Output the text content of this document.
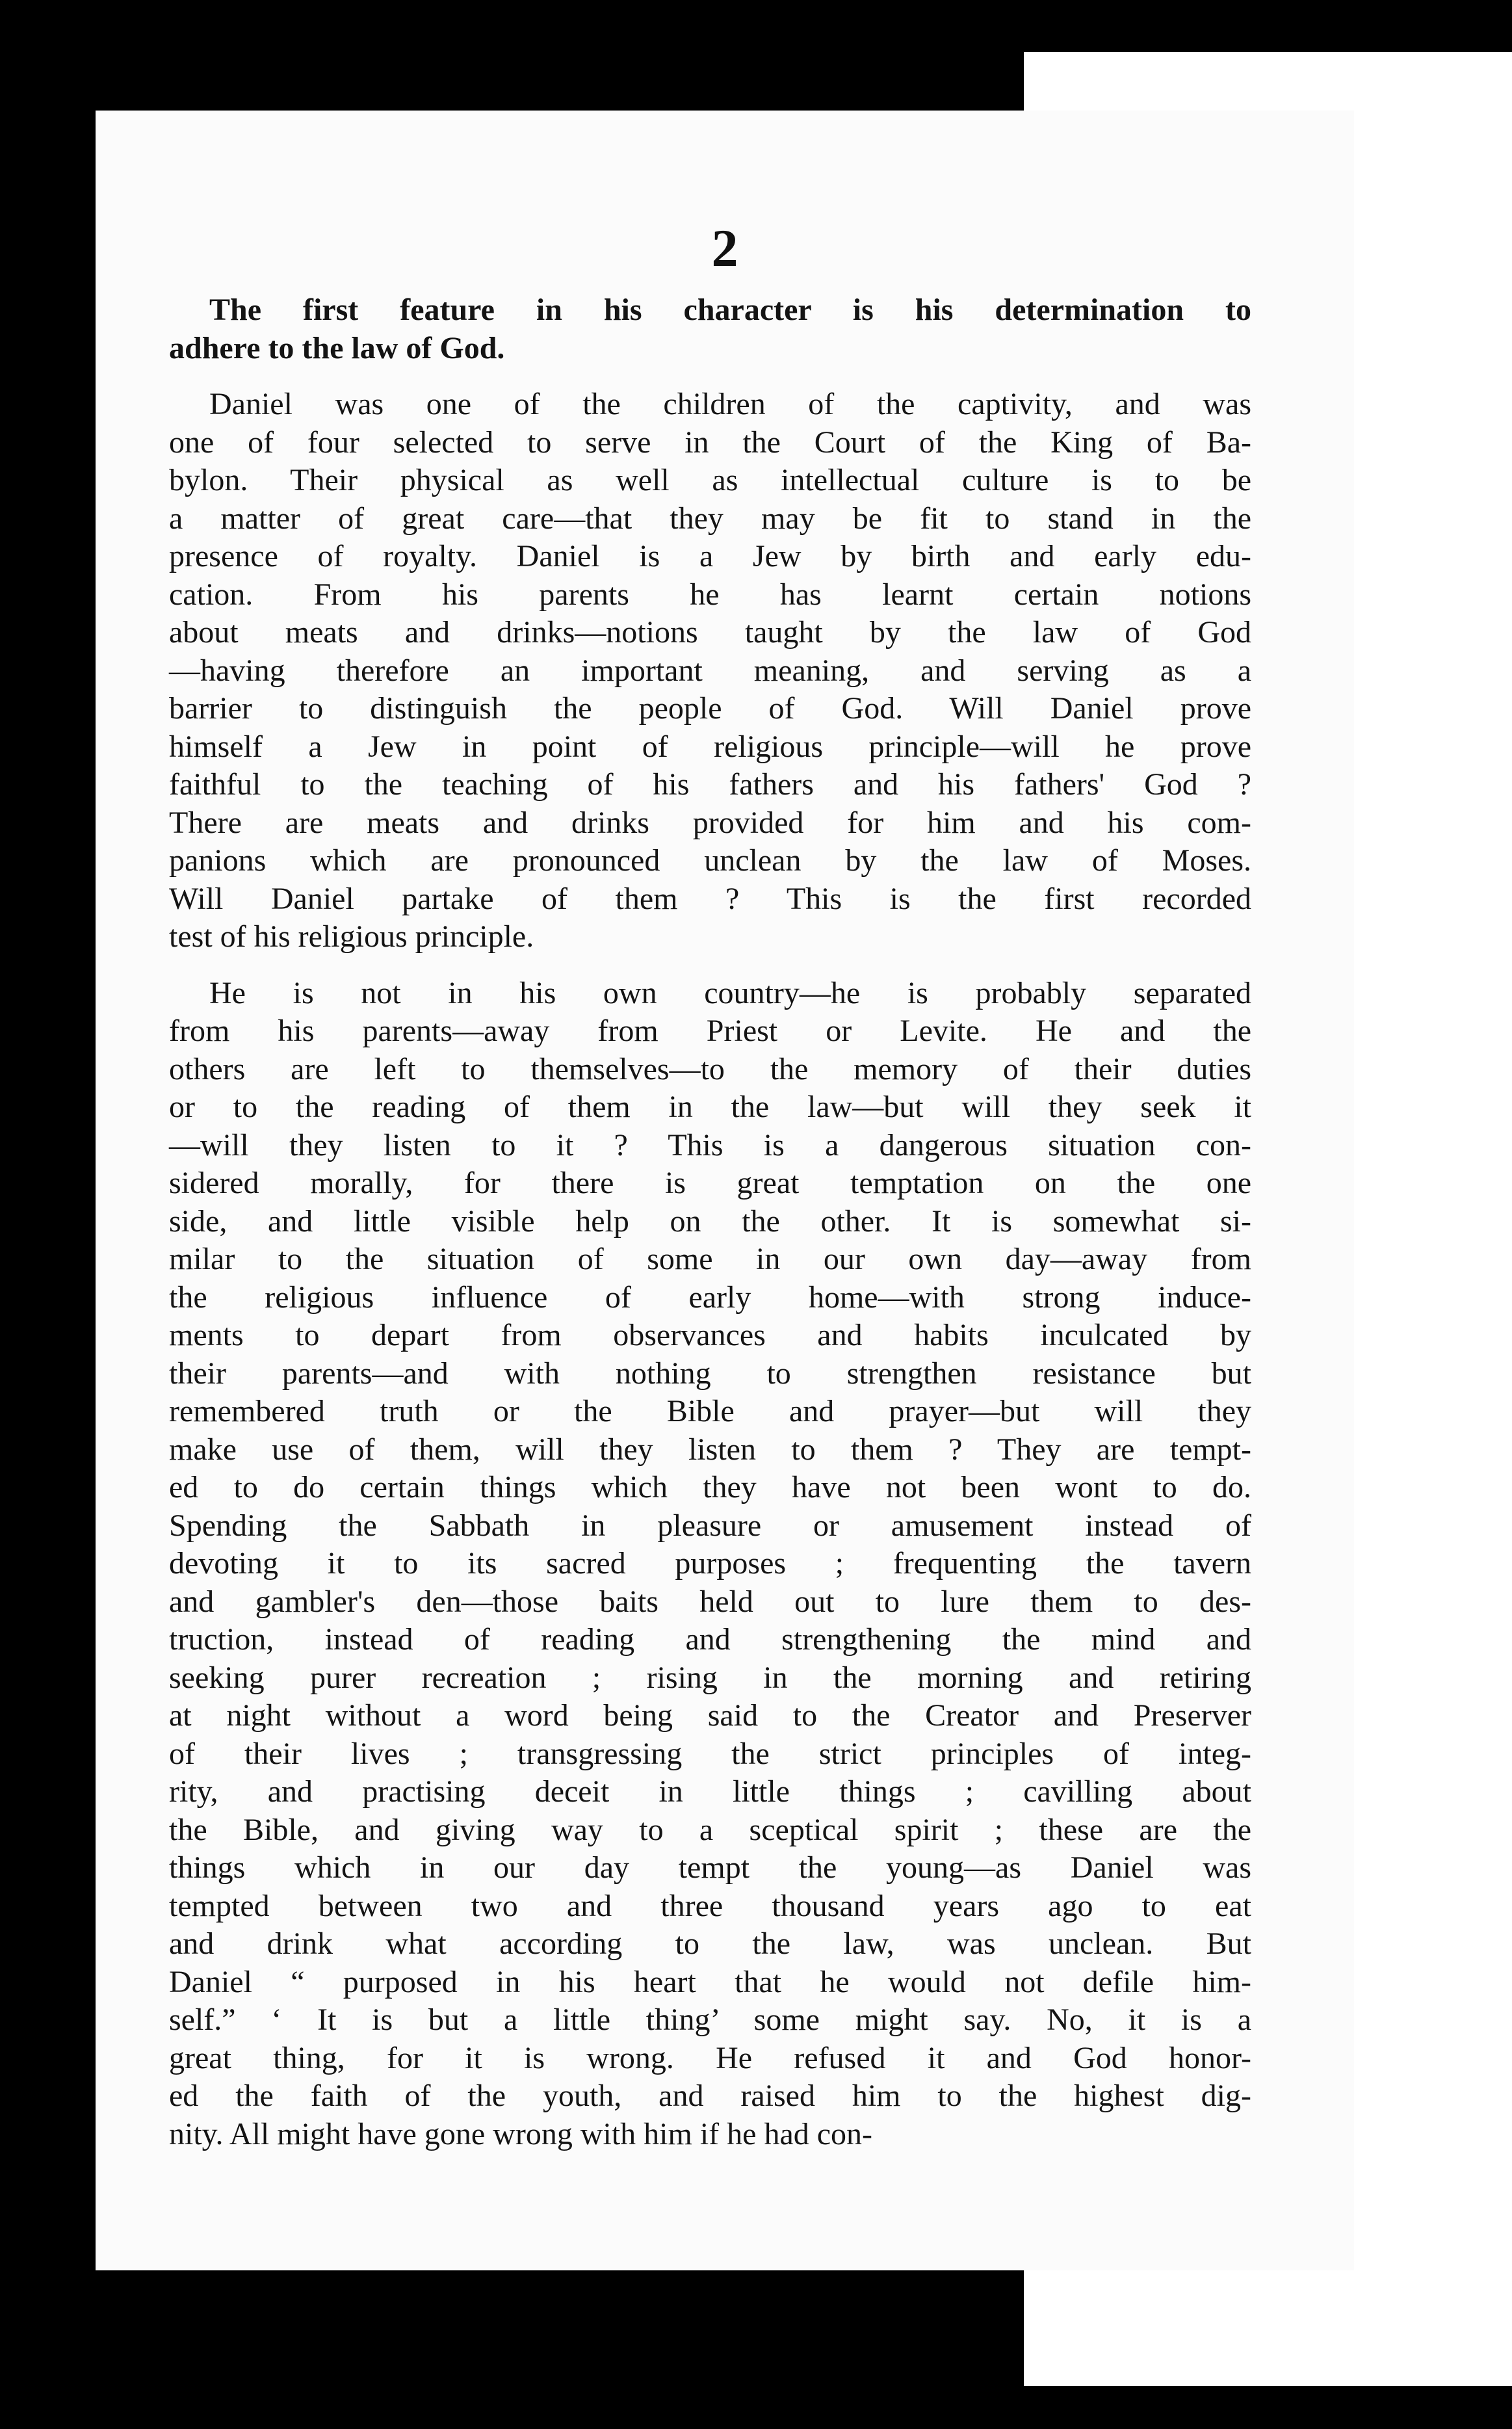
2
The first feature in his character is his determination to
adhere to the law of God.
Daniel was one of the children of the captivity, and was
one of four selected to serve in the Court of the King of Ba-
bylon. Their physical as well as intellectual culture is to be
a matter of great care—that they may be fit to stand in the
presence of royalty. Daniel is a Jew by birth and early edu-
cation. From his parents he has learnt certain notions
about meats and drinks—notions taught by the law of God
—having therefore an important meaning, and serving as a
barrier to distinguish the people of God. Will Daniel prove
himself a Jew in point of religious principle—will he prove
faithful to the teaching of his fathers and his fathers' God ?
There are meats and drinks provided for him and his com-
panions which are pronounced unclean by the law of Moses.
Will Daniel partake of them ? This is the first recorded
test of his religious principle.
He is not in his own country—he is probably separated
from his parents—away from Priest or Levite. He and the
others are left to themselves—to the memory of their duties
or to the reading of them in the law—but will they seek it
—will they listen to it ? This is a dangerous situation con-
sidered morally, for there is great temptation on the one
side, and little visible help on the other. It is somewhat si-
milar to the situation of some in our own day—away from
the religious influence of early home—with strong induce-
ments to depart from observances and habits inculcated by
their parents—and with nothing to strengthen resistance but
remembered truth or the Bible and prayer—but will they
make use of them, will they listen to them ? They are tempt-
ed to do certain things which they have not been wont to do.
Spending the Sabbath in pleasure or amusement instead of
devoting it to its sacred purposes ; frequenting the tavern
and gambler's den—those baits held out to lure them to des-
truction, instead of reading and strengthening the mind and
seeking purer recreation ; rising in the morning and retiring
at night without a word being said to the Creator and Preserver
of their lives ; transgressing the strict principles of integ-
rity, and practising deceit in little things ; cavilling about
the Bible, and giving way to a sceptical spirit ; these are the
things which in our day tempt the young—as Daniel was
tempted between two and three thousand years ago to eat
and drink what according to the law, was unclean. But
Daniel “ purposed in his heart that he would not defile him-
self.” ‘ It is but a little thing’ some might say. No, it is a
great thing, for it is wrong. He refused it and God honor-
ed the faith of the youth, and raised him to the highest dig-
nity. All might have gone wrong with him if he had con-
